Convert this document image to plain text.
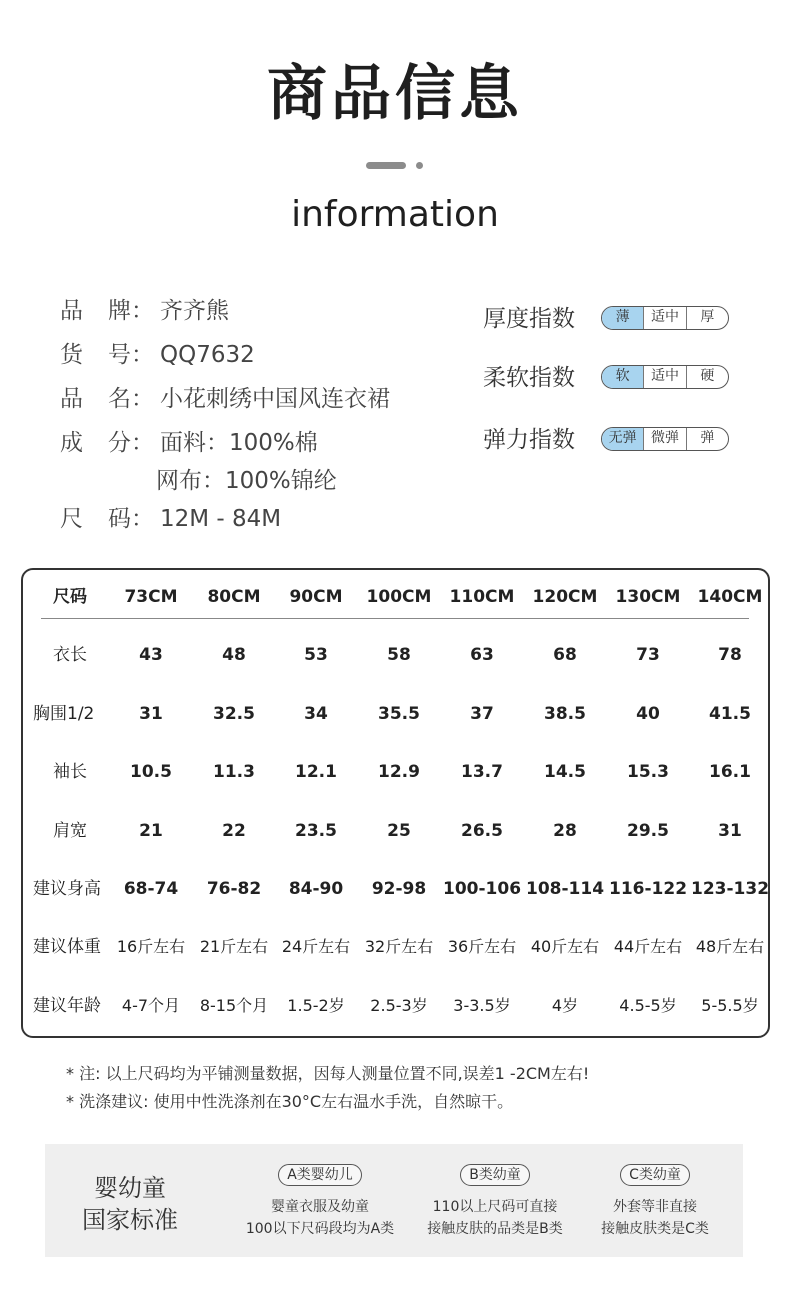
商品信息
information
品 牌： 齐齐熊
货 号： QQ7632
品 名： 小花刺绣中国风连衣裙
成 分： 面料：100%棉
网布：100%锦纶
尺 码： 12M - 84M
厚度指数	薄	适中	厚
柔软指数	软	适中	硬
弹力指数	无弹	微弹	弹
尺码 73CM	80CM	90CM	100CM	110CM	120CM	130CM	140CM
衣长	43	48	53	58	63	68	73	78
胸围1/2	31	32.5	34	35.5	37	38.5	40	41.5
袖长	10.5	11.3	12.1	12.9	13.7	14.5	15.3	16.1
肩宽	21	22	23.5	25	26.5	28	29.5	31
建议身高 68-74	76-82	84-90	92-98 100-106 108-114 116-122 123-132
建议体重 16斤左右 21斤左右 24斤左右 32斤左右 36斤左右 40斤左右 44斤左右 48斤左右
建议年龄 4-7个月 8-15个月	1.5-2岁	2.5-3岁	3-3.5岁	4岁	4.5-5岁	5-5.5岁
* 注: 以上尺码均为平铺测量数据，因每人测量位置不同,误差1 -2CM左右!
* 洗涤建议: 使用中性洗涤剂在30°C左右温水手洗，自然晾干。
婴幼童
国家标准
A类婴幼儿
婴童衣服及幼童
100以下尺码段均为A类
B类幼童
110以上尺码可直接
接触皮肤的品类是B类
C类幼童
外套等非直接
接触皮肤类是C类
